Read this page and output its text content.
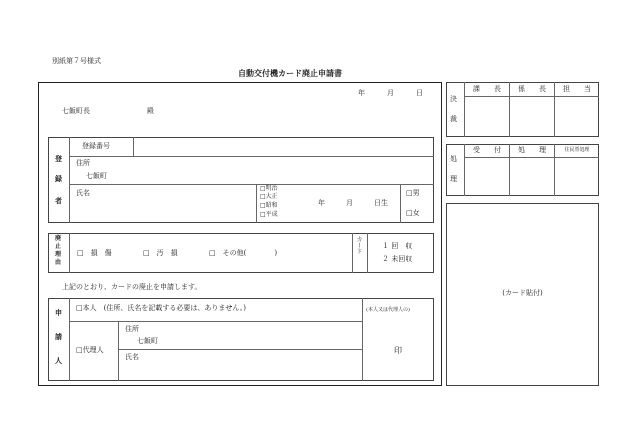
別紙第７号様式
自動交付機カード廃止申請書
年	月	日
七飯町長	殿
登
録
者
登録番号
住所
七飯町
氏名
□明治
□大正
□昭和
□平成
年	月	日生
□男
□女
廃
止
理
由
□　損　傷	□　汚　損	□　その他(　　　　)	カード	１ 回　収
２ 未回収
上記のとおり、カードの廃止を申請します。
申
請
人
□本人　(住所、氏名を記載する必要は、ありません。)	(本人又は代理人の)
□代理人
住所
七飯町
氏名
印
決
裁
課　　長	係　　長	担　　当
処
理
受　　付	処　　理	住民票処理
(カード貼付)
